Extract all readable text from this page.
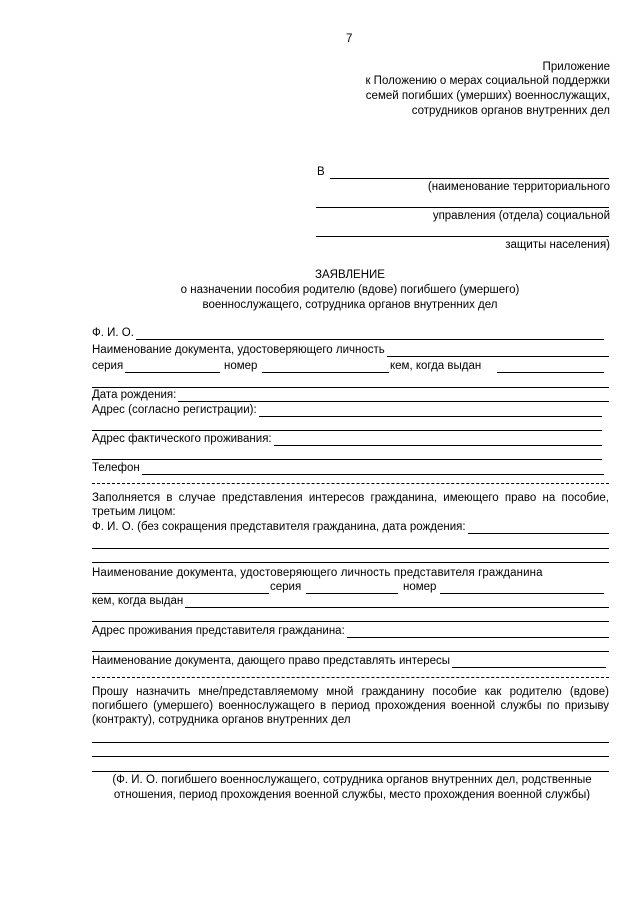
7
Приложение
к Положению о мерах социальной поддержки
семей погибших (умерших) военнослужащих,
сотрудников органов внутренних дел
В
(наименование территориального
управления (отдела) социальной
защиты населения)
ЗАЯВЛЕНИЕ
о назначении пособия родителю (вдове) погибшего (умершего)
военнослужащего, сотрудника органов внутренних дел
Ф. И. О.
Наименование документа, удостоверяющего личность
серия	номер	кем, когда выдан
Дата рождения:
Адрес (согласно регистрации):
Адрес фактического проживания:
Телефон
Заполняется в случае представления интересов гражданина, имеющего право на пособие, третьим лицом:
Ф. И. О. (без сокращения представителя гражданина, дата рождения:
Наименование документа, удостоверяющего личность представителя гражданина
серия	номер
кем, когда выдан
Адрес проживания представителя гражданина:
Наименование документа, дающего право представлять интересы
Прошу назначить мне/представляемому мной гражданину пособие как родителю (вдове) погибшего (умершего) военнослужащего в период прохождения военной службы по призыву (контракту), сотрудника органов внутренних дел
(Ф. И. О. погибшего военнослужащего, сотрудника органов внутренних дел, родственные отношения, период прохождения военной службы, место прохождения военной службы)
